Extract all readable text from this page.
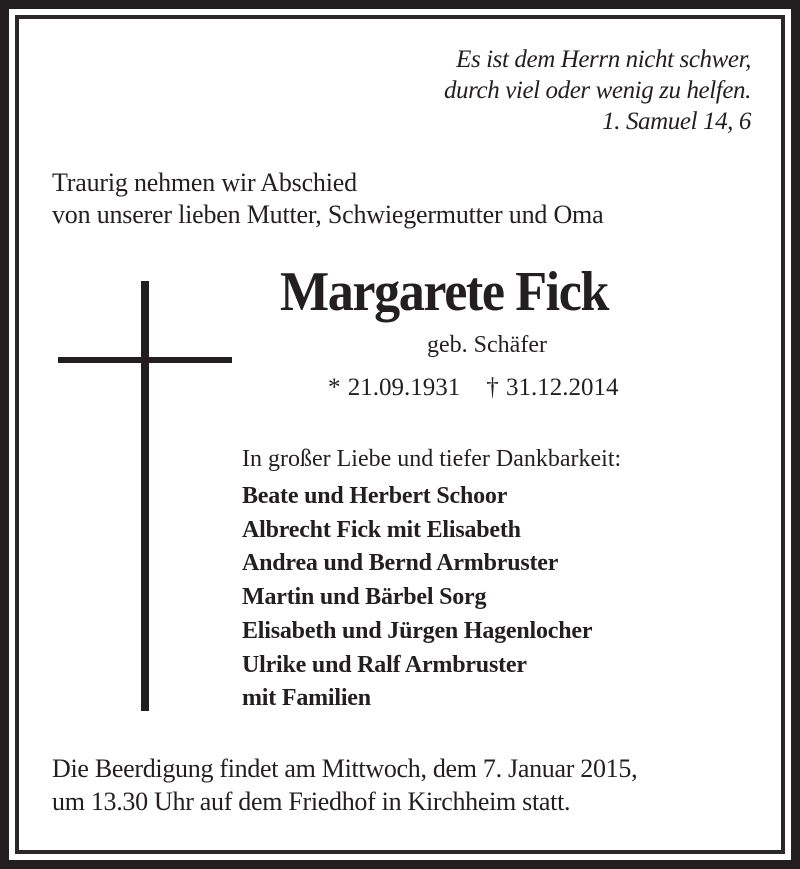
Es ist dem Herrn nicht schwer,
durch viel oder wenig zu helfen.
1. Samuel 14, 6
Traurig nehmen wir Abschied
von unserer lieben Mutter, Schwiegermutter und Oma
Margarete Fick
geb. Schäfer
* 21.09.1931 † 31.12.2014
In großer Liebe und tiefer Dankbarkeit:
Beate und Herbert Schoor
Albrecht Fick mit Elisabeth
Andrea und Bernd Armbruster
Martin und Bärbel Sorg
Elisabeth und Jürgen Hagenlocher
Ulrike und Ralf Armbruster
mit Familien
Die Beerdigung findet am Mittwoch, dem 7. Januar 2015,
um 13.30 Uhr auf dem Friedhof in Kirchheim statt.
